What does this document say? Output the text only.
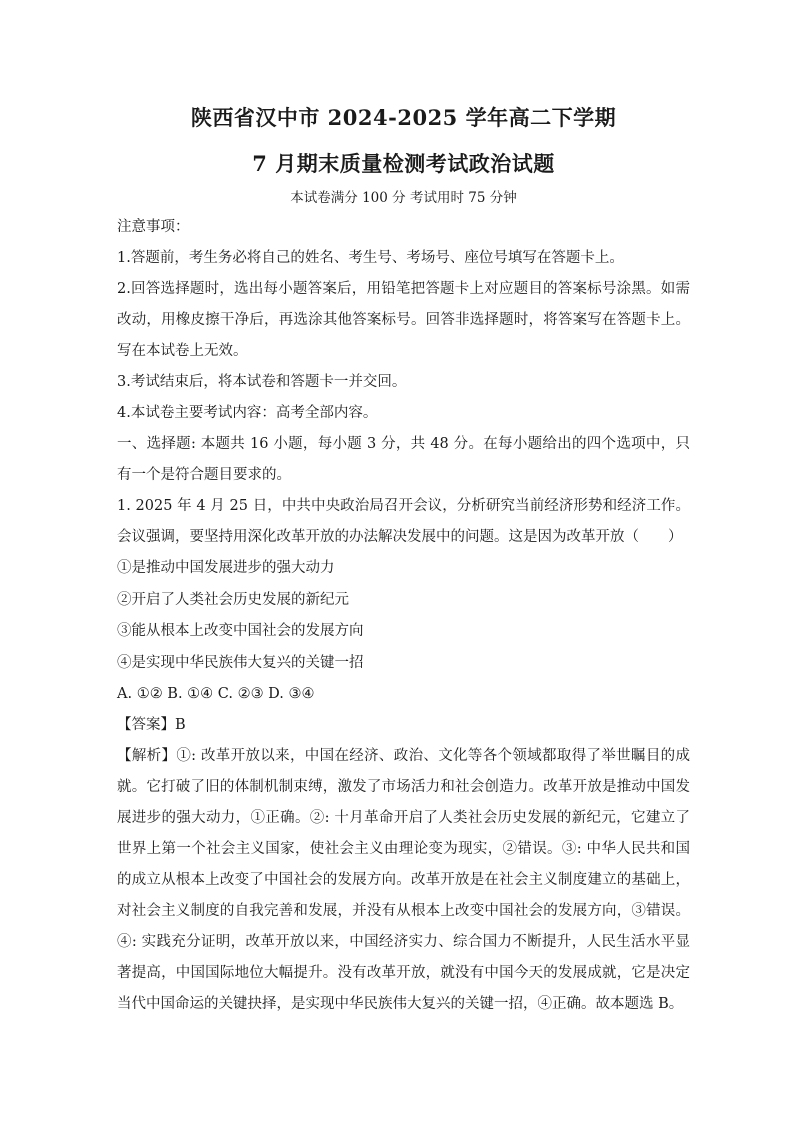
陕西省汉中市 2024-2025 学年高二下学期
7 月期末质量检测考试政治试题

本试卷满分 100 分 考试用时 75 分钟

注意事项：

1.答题前，考生务必将自己的姓名、考生号、考场号、座位号填写在答题卡上。

2.回答选择题时，选出每小题答案后，用铅笔把答题卡上对应题目的答案标号涂黑。如需改动，用橡皮擦干净后，再选涂其他答案标号。回答非选择题时，将答案写在答题卡上。写在本试卷上无效。

3.考试结束后，将本试卷和答题卡一并交回。

4.本试卷主要考试内容：高考全部内容。

一、选择题: 本题共 16 小题，每小题 3 分，共 48 分。在每小题给出的四个选项中，只有一个是符合题目要求的。

1. 2025 年 4 月 25 日，中共中央政治局召开会议，分析研究当前经济形势和经济工作。会议强调，要坚持用深化改革开放的办法解决发展中的问题。这是因为改革开放（　　）

①是推动中国发展进步的强大动力

②开启了人类社会历史发展的新纪元

③能从根本上改变中国社会的发展方向

④是实现中华民族伟大复兴的关键一招

A. ①② B. ①④ C. ②③ D. ③④

【答案】B

【解析】①: 改革开放以来，中国在经济、政治、文化等各个领域都取得了举世瞩目的成就。它打破了旧的体制机制束缚，激发了市场活力和社会创造力。改革开放是推动中国发展进步的强大动力，①正确。②: 十月革命开启了人类社会历史发展的新纪元，它建立了世界上第一个社会主义国家，使社会主义由理论变为现实，②错误。③: 中华人民共和国的成立从根本上改变了中国社会的发展方向。改革开放是在社会主义制度建立的基础上，对社会主义制度的自我完善和发展，并没有从根本上改变中国社会的发展方向，③错误。④: 实践充分证明，改革开放以来，中国经济实力、综合国力不断提升，人民生活水平显著提高，中国国际地位大幅提升。没有改革开放，就没有中国今天的发展成就，它是决定当代中国命运的关键抉择，是实现中华民族伟大复兴的关键一招，④正确。故本题选 B。
